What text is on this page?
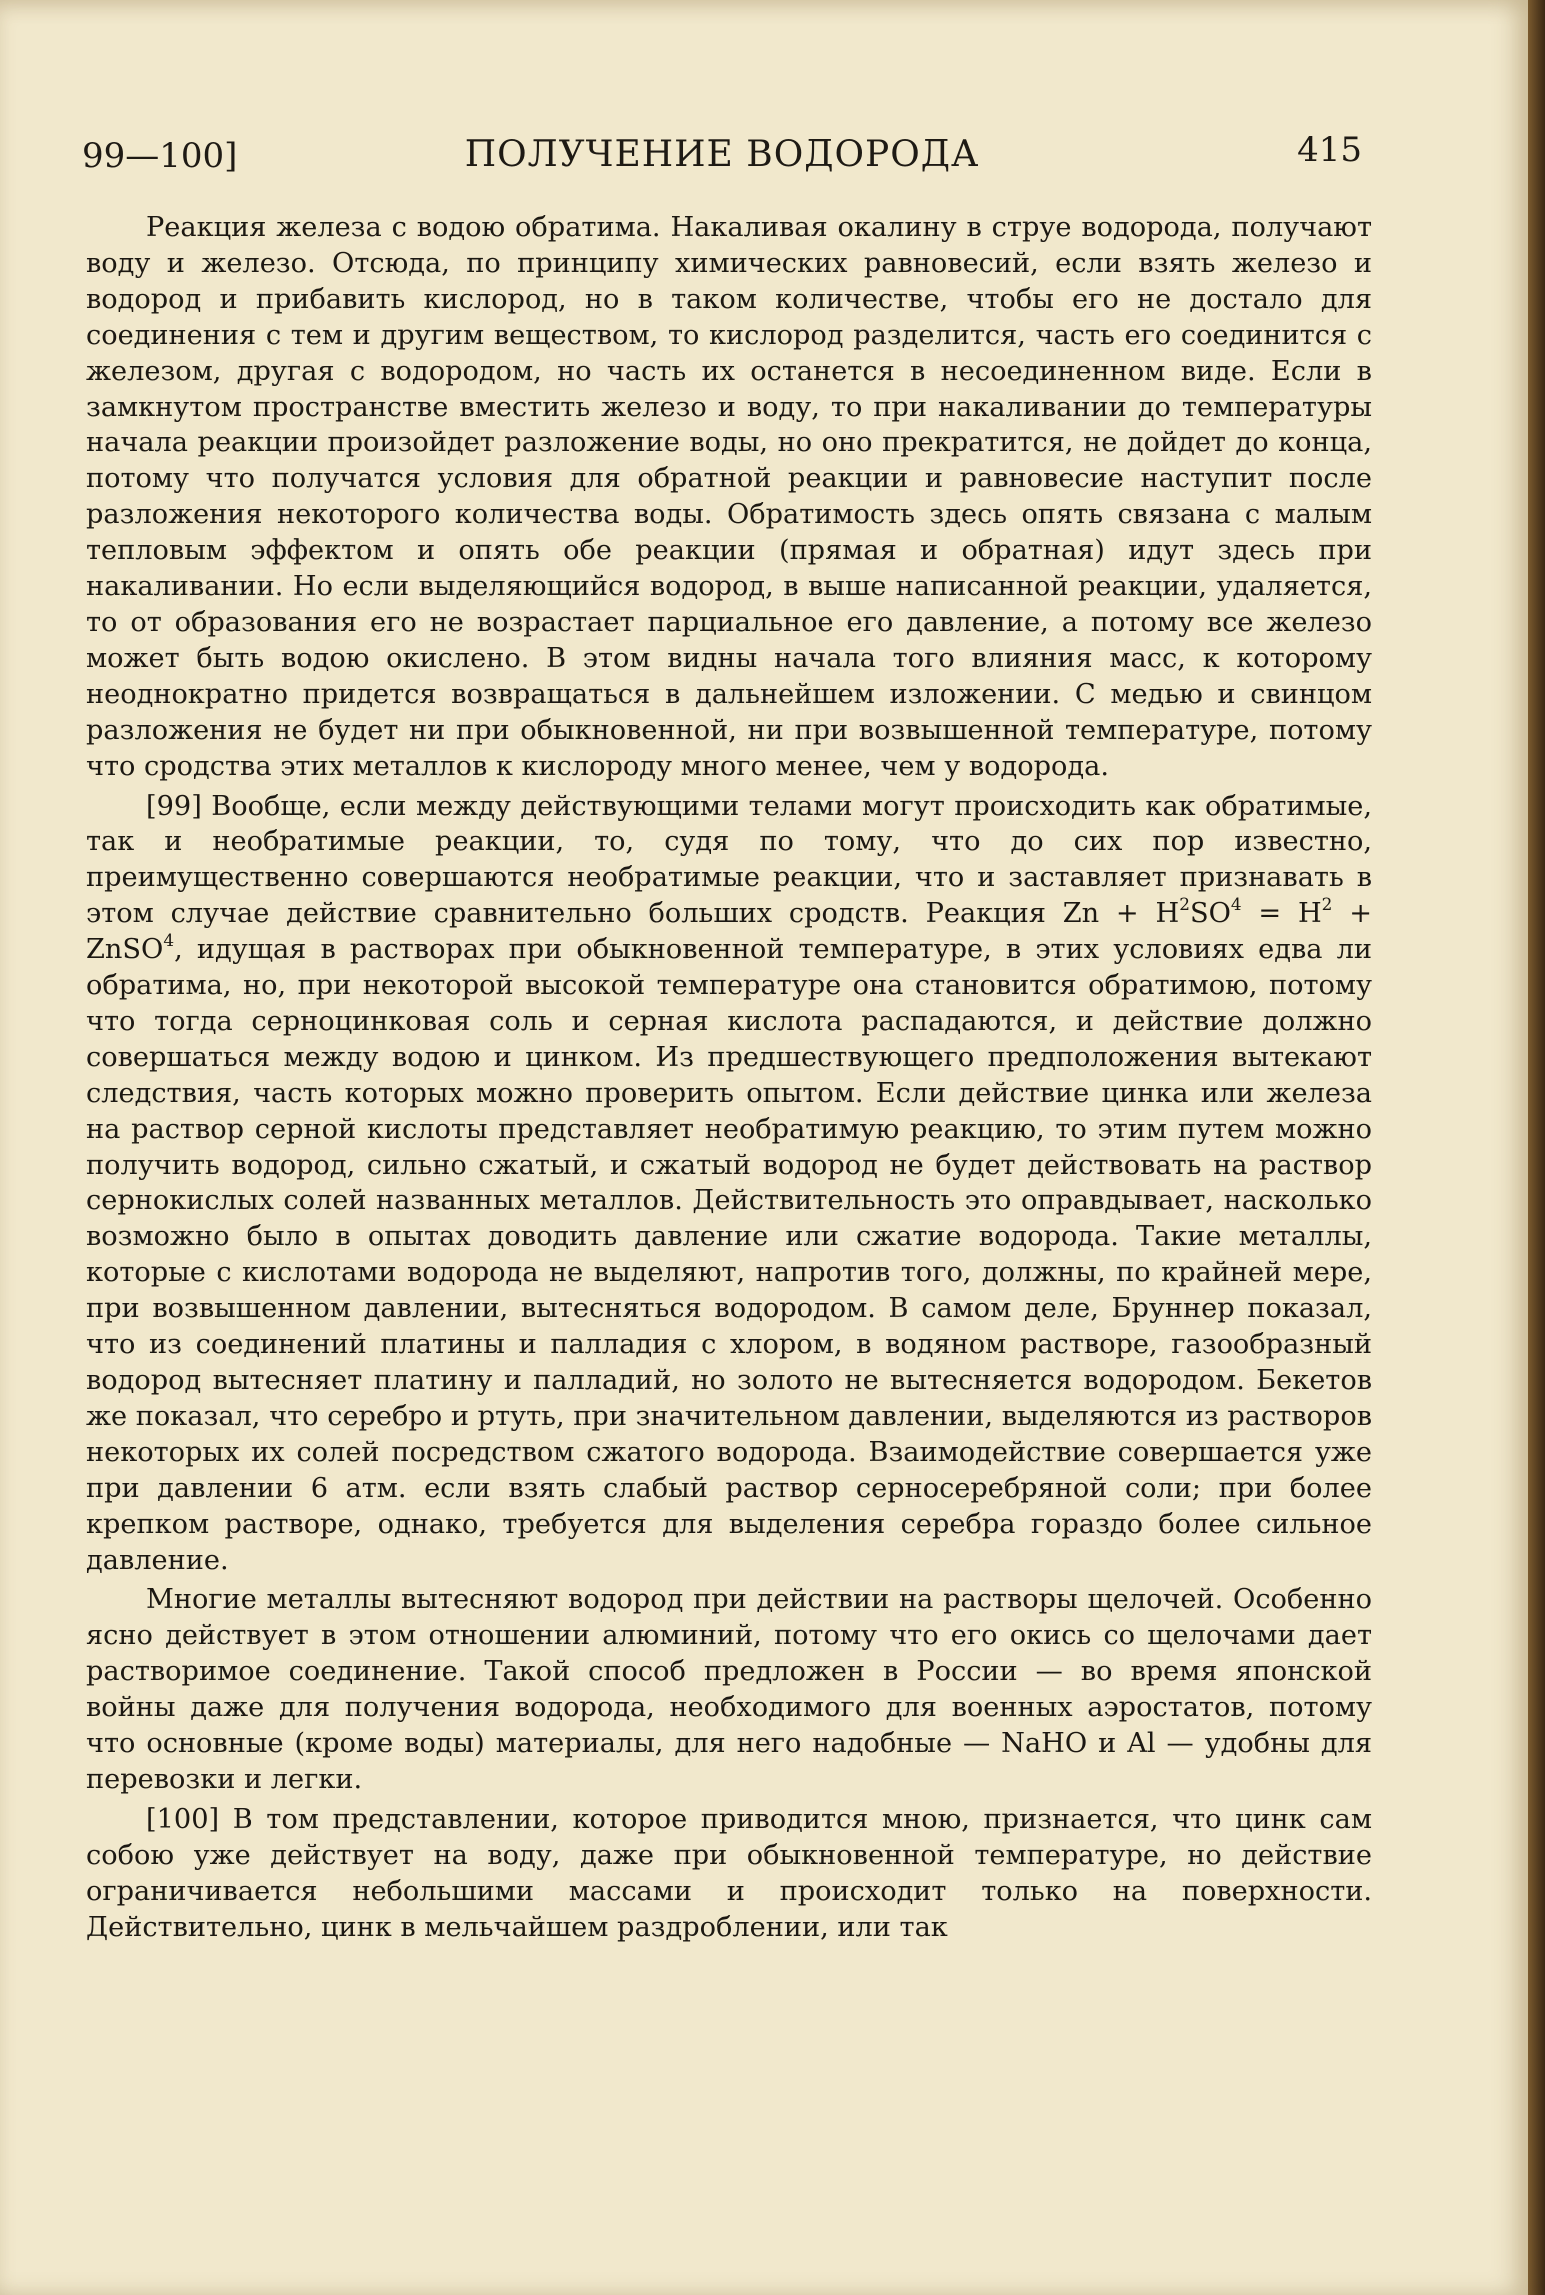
99—100]	ПОЛУЧЕНИЕ ВОДОРОДА	415

Реакция железа с водою обратима. Накаливая окалину в струе водорода, получают воду и железо. Отсюда, по принципу химических равновесий, если взять железо и водород и прибавить кислород, но в таком количестве, чтобы его не достало для соединения с тем и другим веществом, то кислород разделится, часть его соединится с железом, другая с водородом, но часть их останется в несоединенном виде. Если в замкнутом пространстве вместить железо и воду, то при накаливании до температуры начала реакции произойдет разложение воды, но оно прекратится, не дойдет до конца, потому что получатся условия для обратной реакции и равновесие наступит после разложения некоторого количества воды. Обратимость здесь опять связана с малым тепловым эффектом и опять обе реакции (прямая и обратная) идут здесь при накаливании. Но если выделяющийся водород, в выше написанной реакции, удаляется, то от образования его не возрастает парциальное его давление, а потому все железо может быть водою окислено. В этом видны начала того влияния масс, к которому неоднократно придется возвращаться в дальнейшем изложении. С медью и свинцом разложения не будет ни при обыкновенной, ни при возвышенной температуре, потому что сродства этих металлов к кислороду много менее, чем у водорода.

[99] Вообще, если между действующими телами могут происходить как обратимые, так и необратимые реакции, то, судя по тому, что до сих пор известно, преимущественно совершаются необратимые реакции, что и заставляет признавать в этом случае действие сравнительно больших сродств. Реакция $Zn + H^2SO^4 = H^2$ + ZnSO$^4$, идущая в растворах при обыкновенной температуре, в этих условиях едва ли обратима, но, при некоторой высокой температуре она становится обратимою, потому что тогда серноцинковая соль и серная кислота распадаются, и действие должно совершаться между водою и цинком. Из предшествующего предположения вытекают следствия, часть которых можно проверить опытом. Если действие цинка или железа на раствор серной кислоты представляет необратимую реакцию, то этим путем можно получить водород, сильно сжатый, и сжатый водород не будет действовать на раствор сернокислых солей названных металлов. Действительность это оправдывает, насколько возможно было в опытах доводить давление или сжатие водорода. Такие металлы, которые с кислотами водорода не выделяют, напротив того, должны, по крайней мере, при возвышенном давлении, вытесняться водородом. В самом деле, Бруннер показал, что из соединений платины и палладия с хлором, в водяном растворе, газообразный водород вытесняет платину и палладий, но золото не вытесняется водородом. Бекетов же показал, что серебро и ртуть, при значительном давлении, выделяются из растворов некоторых их солей посредством сжатого водорода. Взаимодействие совершается уже при давлении 6 атм. если взять слабый раствор серносеребряной соли; при более крепком растворе, однако, требуется для выделения серебра гораздо более сильное давление.

Многие металлы вытесняют водород при действии на растворы щелочей. Особенно ясно действует в этом отношении алюминий, потому что его окись со щелочами дает растворимое соединение. Такой способ предложен в России — во время японской войны даже для получения водорода, необходимого для военных аэростатов, потому что основные (кроме воды) материалы, для него надобные — NaHO и Al — удобны для перевозки и легки.

[100] В том представлении, которое приводится мною, признается, что цинк сам собою уже действует на воду, даже при обыкновенной температуре, но действие ограничивается небольшими массами и происходит только на поверхности. Действительно, цинк в мельчайшем раздроблении, или так
